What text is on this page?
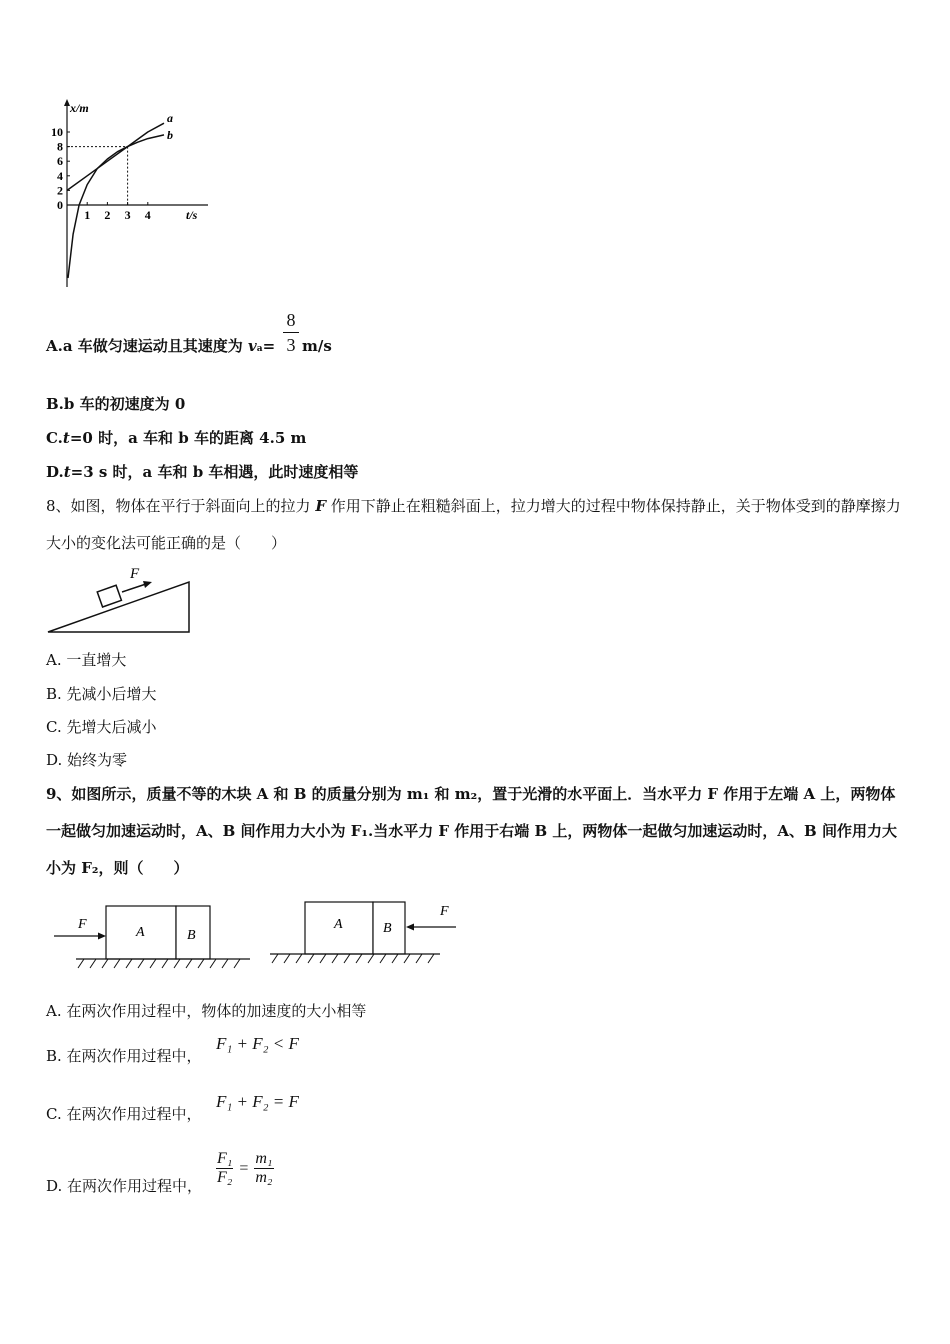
x/m
t/s
10
8
6
4
2
0
1 2 3 4
a
b
A.a 车做匀速运动且其速度为 va=
8
3 m/s
B.b 车的初速度为 0
C.t=0 时，a 车和 b 车的距离 4.5 m
D.t=3 s 时，a 车和 b 车相遇，此时速度相等
8、如图，物体在平行于斜面向上的拉力 F 作用下静止在粗糙斜面上，拉力增大的过程中物体保持静止，关于物体受到的静摩擦力大小的变化法可能正确的是（　　）
F
A. 一直增大
B. 先减小后增大
C. 先增大后减小
D. 始终为零
9、如图所示，质量不等的木块 A 和 B 的质量分别为 m₁ 和 m₂，置于光滑的水平面上．当水平力 F 作用于左端 A 上，两物体一起做匀加速运动时，A、B 间作用力大小为 F₁.当水平力 F 作用于右端 B 上，两物体一起做匀加速运动时，A、B 间作用力大小为 F₂，则（　　）
F
A	B
A	B
F
A. 在两次作用过程中，物体的加速度的大小相等
B. 在两次作用过程中，
F₁ + F₂ < F
C. 在两次作用过程中，
F₁ + F₂ = F
D. 在两次作用过程中， $\frac{\text{F₁}}{\text{F₂}} = \frac{\text{m₁}}{\text{m₂}}$
